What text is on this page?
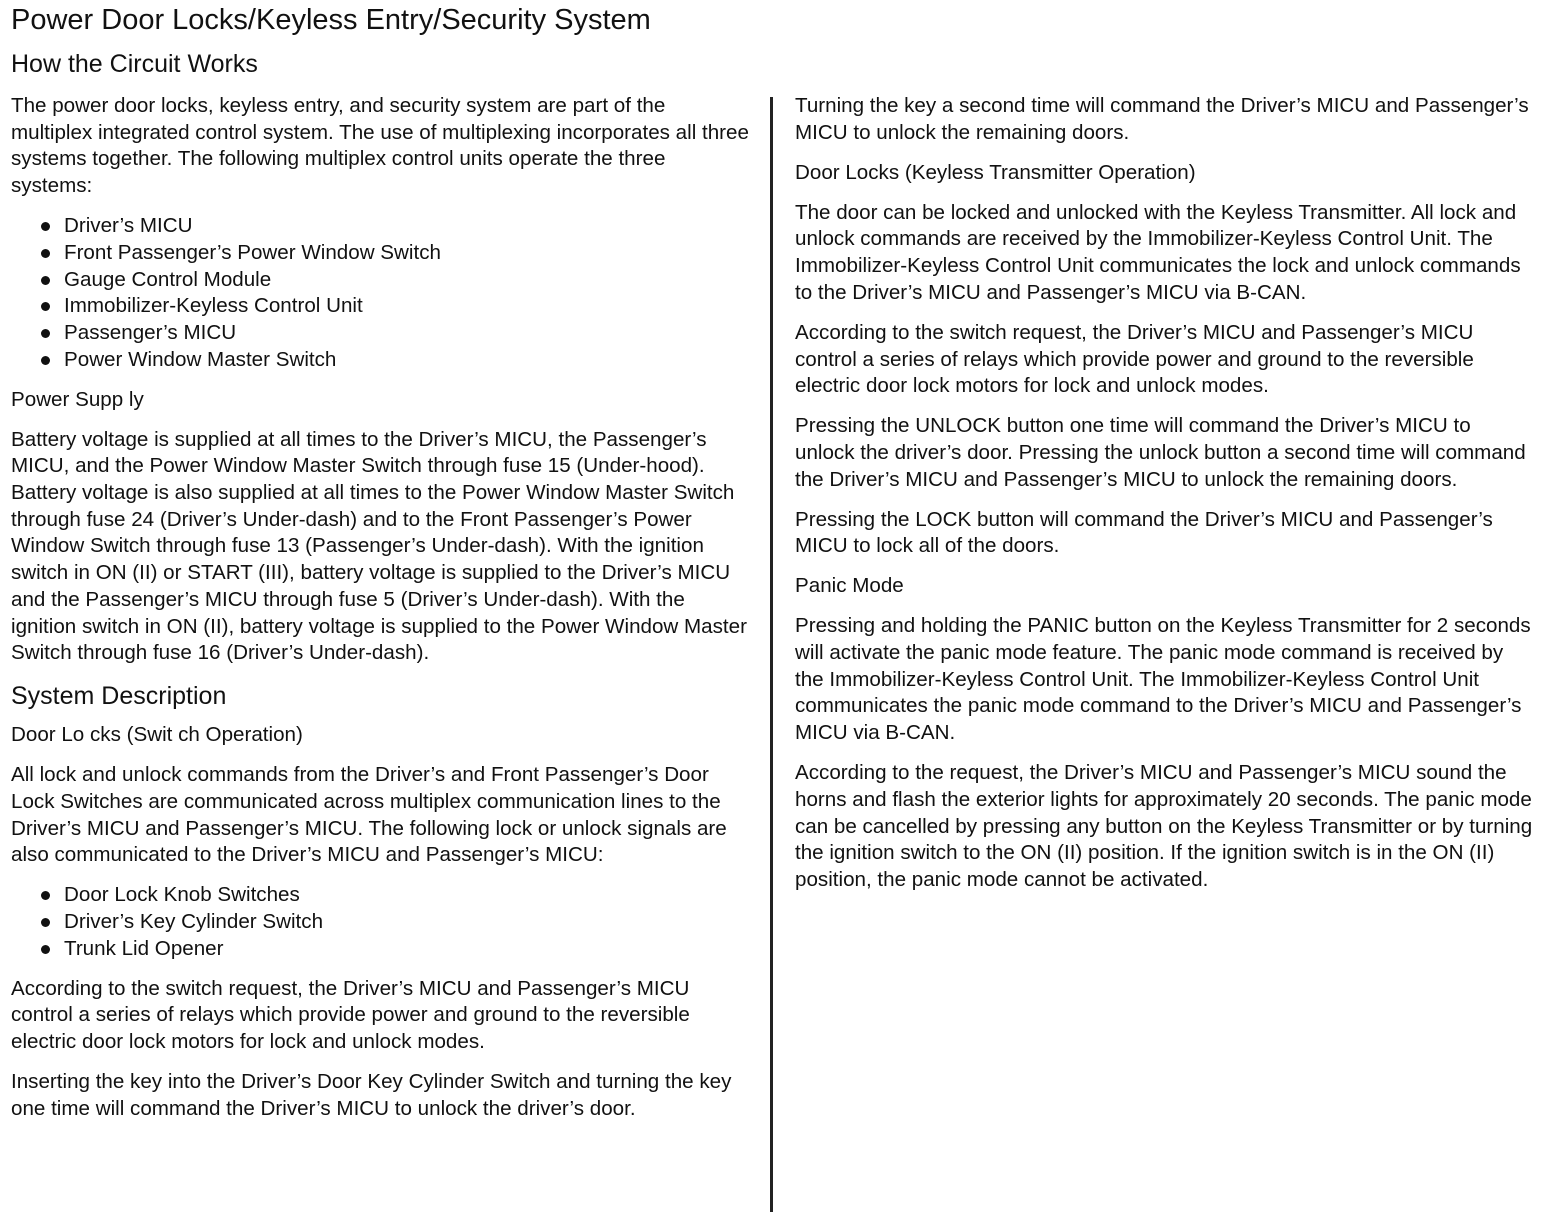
Power Door Locks/Keyless Entry/Security System
How the Circuit Works

The power door locks, keyless entry, and security system are part of the multiplex integrated control system. The use of multiplexing incorporates all three systems together. The following multiplex control units operate the three systems:

Driver’s MICU
Front Passenger’s Power Window Switch
Gauge Control Module
Immobilizer-Keyless Control Unit
Passenger’s MICU
Power Window Master Switch
Power Supp ly

Battery voltage is supplied at all times to the Driver’s MICU, the Passenger’s MICU, and the Power Window Master Switch through fuse 15 (Under-hood). Battery voltage is also supplied at all times to the Power Window Master Switch through fuse 24 (Driver’s Under-dash) and to the Front Passenger’s Power Window Switch through fuse 13 (Passenger’s Under-dash). With the ignition switch in ON (II) or START (III), battery voltage is supplied to the Driver’s MICU and the Passenger’s MICU through fuse 5 (Driver’s Under-dash). With the ignition switch in ON (II), battery voltage is supplied to the Power Window Master Switch through fuse 16 (Driver’s Under-dash).

System Description
Door Lo cks (Swit ch Operation)

All lock and unlock commands from the Driver’s and Front Passenger’s Door Lock Switches are communicated across multiplex communication lines to the Driver’s MICU and Passenger’s MICU. The following lock or unlock signals are also communicated to the Driver’s MICU and Passenger’s MICU:

Door Lock Knob Switches
Driver’s Key Cylinder Switch
Trunk Lid Opener

According to the switch request, the Driver’s MICU and Passenger’s MICU control a series of relays which provide power and ground to the reversible electric door lock motors for lock and unlock modes.

Inserting the key into the Driver’s Door Key Cylinder Switch and turning the key one time will command the Driver’s MICU to unlock the driver’s door.

Turning the key a second time will command the Driver’s MICU and Passenger’s MICU to unlock the remaining doors.

Door Locks (Keyless Transmitter Operation)

The door can be locked and unlocked with the Keyless Transmitter. All lock and unlock commands are received by the Immobilizer-Keyless Control Unit. The Immobilizer-Keyless Control Unit communicates the lock and unlock commands to the Driver’s MICU and Passenger’s MICU via B-CAN.

According to the switch request, the Driver’s MICU and Passenger’s MICU control a series of relays which provide power and ground to the reversible electric door lock motors for lock and unlock modes.

Pressing the UNLOCK button one time will command the Driver’s MICU to unlock the driver’s door. Pressing the unlock button a second time will command the Driver’s MICU and Passenger’s MICU to unlock the remaining doors.

Pressing the LOCK button will command the Driver’s MICU and Passenger’s MICU to lock all of the doors.

Panic Mode

Pressing and holding the PANIC button on the Keyless Transmitter for 2 seconds will activate the panic mode feature. The panic mode command is received by the Immobilizer-Keyless Control Unit. The Immobilizer-Keyless Control Unit communicates the panic mode command to the Driver’s MICU and Passenger’s MICU via B-CAN.

According to the request, the Driver’s MICU and Passenger’s MICU sound the horns and flash the exterior lights for approximately 20 seconds. The panic mode can be cancelled by pressing any button on the Keyless Transmitter or by turning the ignition switch to the ON (II) position. If the ignition switch is in the ON (II) position, the panic mode cannot be activated.
